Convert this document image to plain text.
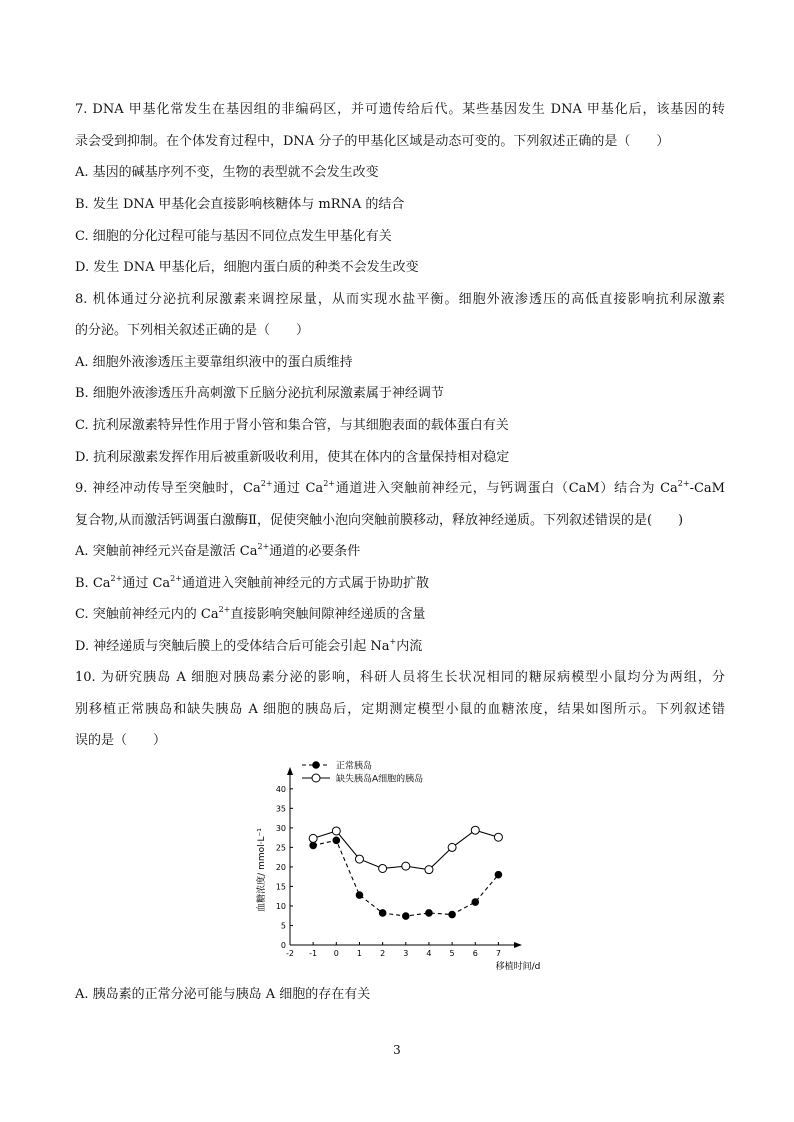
7. DNA 甲基化常发生在基因组的非编码区，并可遗传给后代。某些基因发生 DNA 甲基化后，该基因的转
录会受到抑制。在个体发育过程中，DNA 分子的甲基化区域是动态可变的。下列叙述正确的是（　　）
A. 基因的碱基序列不变，生物的表型就不会发生改变
B. 发生 DNA 甲基化会直接影响核糖体与 mRNA 的结合
C. 细胞的分化过程可能与基因不同位点发生甲基化有关
D. 发生 DNA 甲基化后，细胞内蛋白质的种类不会发生改变
8. 机体通过分泌抗利尿激素来调控尿量，从而实现水盐平衡。细胞外液渗透压的高低直接影响抗利尿激素
的分泌。下列相关叙述正确的是（　　）
A. 细胞外液渗透压主要靠组织液中的蛋白质维持
B. 细胞外液渗透压升高刺激下丘脑分泌抗利尿激素属于神经调节
C. 抗利尿激素特异性作用于肾小管和集合管，与其细胞表面的载体蛋白有关
D. 抗利尿激素发挥作用后被重新吸收利用，使其在体内的含量保持相对稳定
9. 神经冲动传导至突触时，$Ca^{2+}$通过 $Ca^{2+}$通道进入突触前神经元，与钙调蛋白（CaM）结合为 $Ca^{2+}$-CaM
复合物,从而激活钙调蛋白激酶Ⅱ，促使突触小泡向突触前膜移动，释放神经递质。下列叙述错误的是(　　)
A. 突触前神经元兴奋是激活 $Ca^{2+}$通道的必要条件
B. $Ca^{2+}$通过 $Ca^{2+}$通道进入突触前神经元的方式属于协助扩散
C. 突触前神经元内的 $Ca^{2+}$直接影响突触间隙神经递质的含量
D. 神经递质与突触后膜上的受体结合后可能会引起 Na+内流
10. 为研究胰岛 A 细胞对胰岛素分泌的影响，科研人员将生长状况相同的糖尿病模型小鼠均分为两组，分
别移植正常胰岛和缺失胰岛 A 细胞的胰岛后，定期测定模型小鼠的血糖浓度，结果如图所示。下列叙述错
误的是（　　）
0
5
10
15
20
25
30
35
40
-2 -1 0 1 2 3 4 5 6 7
正常胰岛
缺失胰岛A细胞的胰岛
血糖浓度/ mmol·L⁻¹
移植时间/d
A. 胰岛素的正常分泌可能与胰岛 A 细胞的存在有关
3
